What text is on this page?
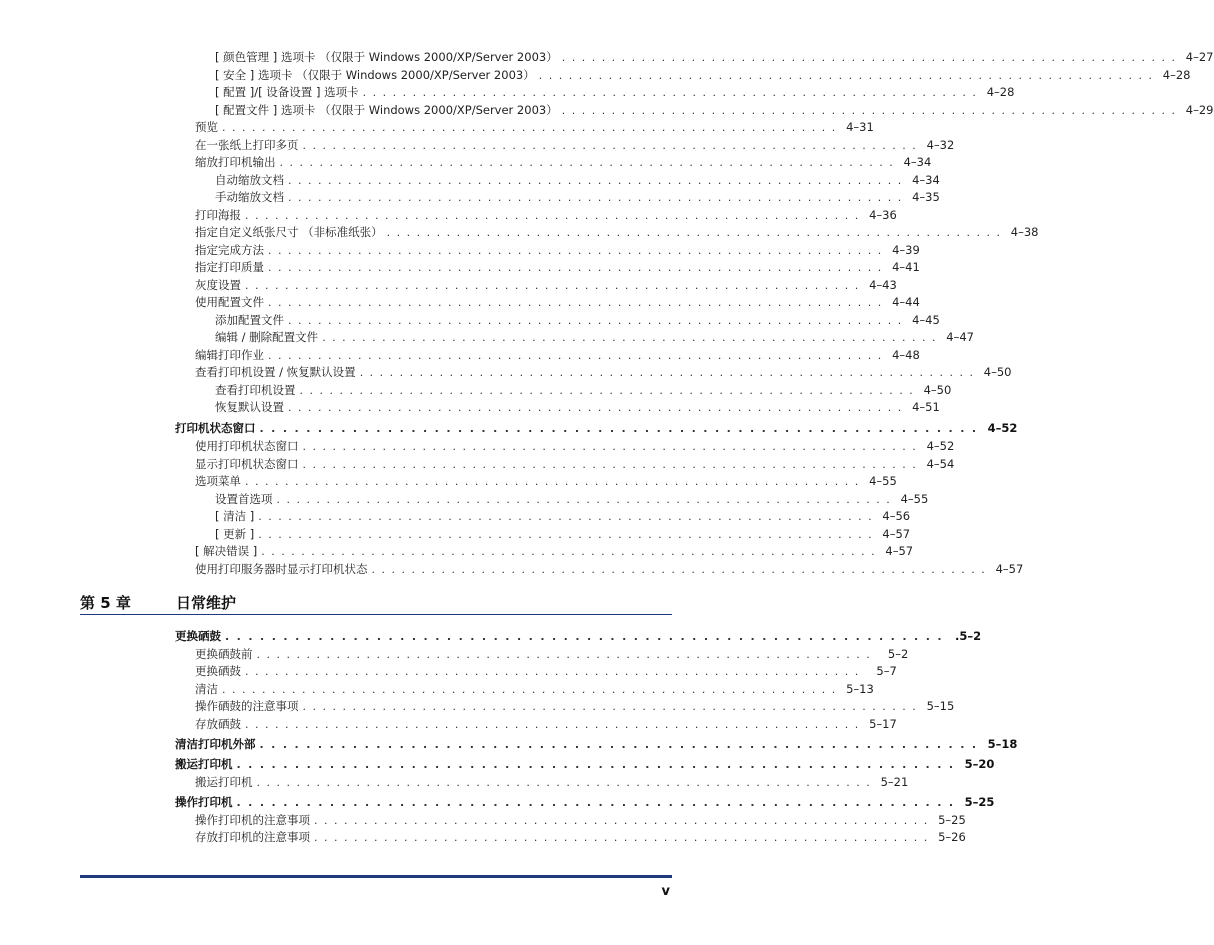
[ 颜色管理 ] 选项卡 （仅限于 Windows 2000/XP/Server 2003） .............................................................. 4–27
[ 安全 ] 选项卡 （仅限于 Windows 2000/XP/Server 2003） .............................................................. 4–28
[ 配置 ]/[ 设备设置 ] 选项卡 .............................................................. 4–28
[ 配置文件 ] 选项卡 （仅限于 Windows 2000/XP/Server 2003） .............................................................. 4–29
预览 .............................................................. 4–31
在一张纸上打印多页 .............................................................. 4–32
缩放打印机输出 .............................................................. 4–34
自动缩放文档 .............................................................. 4–34
手动缩放文档 .............................................................. 4–35
打印海报 .............................................................. 4–36
指定自定义纸张尺寸 （非标准纸张） .............................................................. 4–38
指定完成方法 .............................................................. 4–39
指定打印质量 .............................................................. 4–41
灰度设置 .............................................................. 4–43
使用配置文件 .............................................................. 4–44
添加配置文件 .............................................................. 4–45
编辑 / 删除配置文件 .............................................................. 4–47
编辑打印作业 .............................................................. 4–48
查看打印机设置 / 恢复默认设置 .............................................................. 4–50
查看打印机设置 .............................................................. 4–50
恢复默认设置 .............................................................. 4–51
打印机状态窗口 .............................................................. 4–52
使用打印机状态窗口 .............................................................. 4–52
显示打印机状态窗口 .............................................................. 4–54
选项菜单 .............................................................. 4–55
设置首选项 .............................................................. 4–55
[ 清洁 ] .............................................................. 4–56
[ 更新 ] .............................................................. 4–57
[ 解决错误 ] .............................................................. 4–57
使用打印服务器时显示打印机状态 .............................................................. 4–57
第 5 章	日常维护
更换硒鼓 .............................................................. .5–2
更换硒鼓前 ..............................................................	5–2
更换硒鼓 ..............................................................	5–7
清洁 .............................................................. 5–13
操作硒鼓的注意事项 .............................................................. 5–15
存放硒鼓 .............................................................. 5–17
清洁打印机外部 .............................................................. 5–18
搬运打印机 .............................................................. 5–20
搬运打印机 .............................................................. 5–21
操作打印机 .............................................................. 5–25
操作打印机的注意事项 .............................................................. 5–25
存放打印机的注意事项 .............................................................. 5–26
v
